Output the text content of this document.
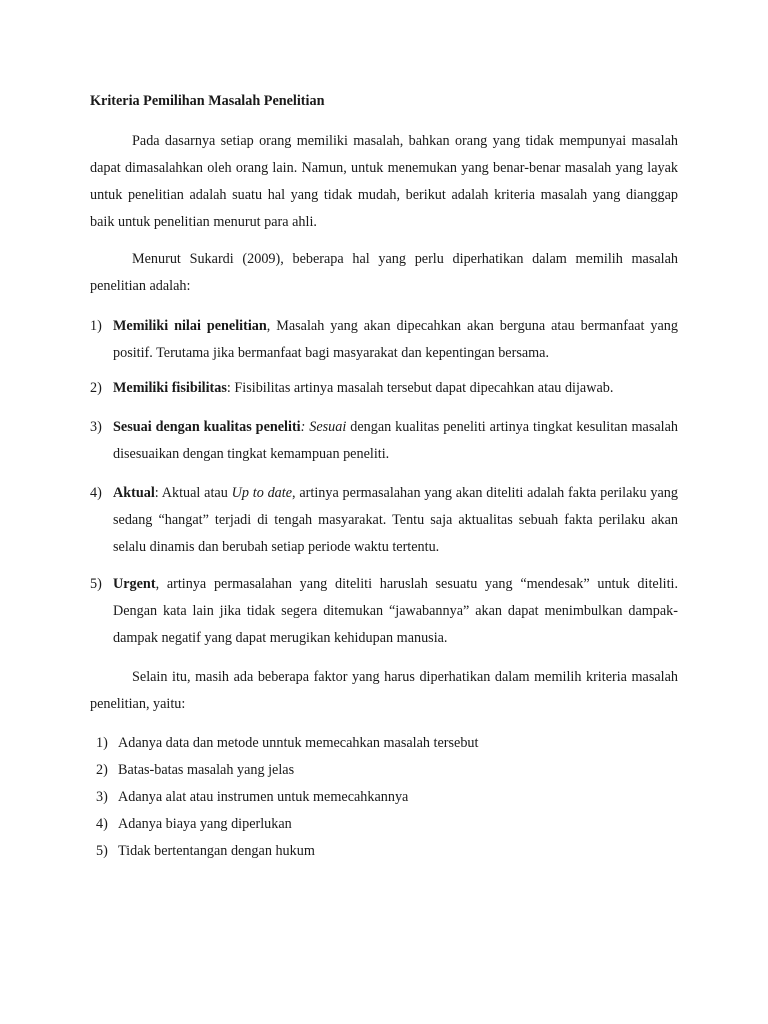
Kriteria Pemilihan Masalah Penelitian

Pada dasarnya setiap orang memiliki masalah, bahkan orang yang tidak mempunyai masalah dapat dimasalahkan oleh orang lain. Namun, untuk menemukan yang benar-benar masalah yang layak untuk penelitian adalah suatu hal yang tidak mudah, berikut adalah kriteria masalah yang dianggap baik untuk penelitian menurut para ahli.

Menurut Sukardi (2009), beberapa hal yang perlu diperhatikan dalam memilih masalah penelitian adalah:

1) Memiliki nilai penelitian, Masalah yang akan dipecahkan akan berguna atau bermanfaat yang positif. Terutama jika bermanfaat bagi masyarakat dan kepentingan bersama.
2) Memiliki fisibilitas: Fisibilitas artinya masalah tersebut dapat dipecahkan atau dijawab.
3) Sesuai dengan kualitas peneliti: Sesuai dengan kualitas peneliti artinya tingkat kesulitan masalah disesuaikan dengan tingkat kemampuan peneliti.
4) Aktual: Aktual atau Up to date, artinya permasalahan yang akan diteliti adalah fakta perilaku yang sedang “hangat” terjadi di tengah masyarakat. Tentu saja aktualitas sebuah fakta perilaku akan selalu dinamis dan berubah setiap periode waktu tertentu.
5) Urgent, artinya permasalahan yang diteliti haruslah sesuatu yang “mendesak” untuk diteliti. Dengan kata lain jika tidak segera ditemukan “jawabannya” akan dapat menimbulkan dampak-dampak negatif yang dapat merugikan kehidupan manusia.

Selain itu, masih ada beberapa faktor yang harus diperhatikan dalam memilih kriteria masalah penelitian, yaitu:

1) Adanya data dan metode unntuk memecahkan masalah tersebut
2) Batas-batas masalah yang jelas
3) Adanya alat atau instrumen untuk memecahkannya
4) Adanya biaya yang diperlukan
5) Tidak bertentangan dengan hukum
